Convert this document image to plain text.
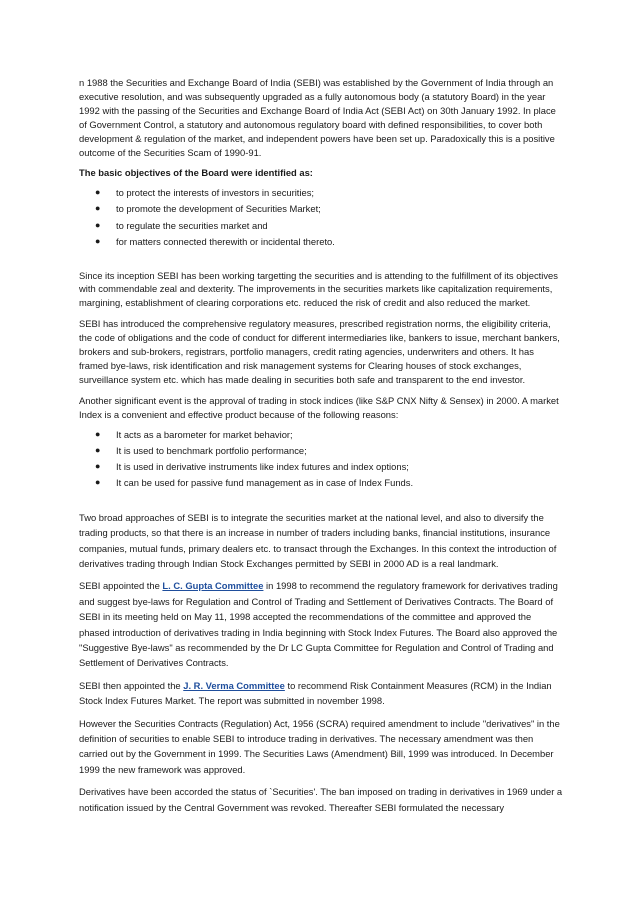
n 1988 the Securities and Exchange Board of India (SEBI) was established by the Government of India through an executive resolution, and was subsequently upgraded as a fully autonomous body (a statutory Board) in the year 1992 with the passing of the Securities and Exchange Board of India Act (SEBI Act) on 30th January 1992. In place of Government Control, a statutory and autonomous regulatory board with defined responsibilities, to cover both development & regulation of the market, and independent powers have been set up. Paradoxically this is a positive outcome of the Securities Scam of 1990-91.

The basic objectives of the Board were identified as:

● to protect the interests of investors in securities;
● to promote the development of Securities Market;
● to regulate the securities market and
● for matters connected therewith or incidental thereto.

Since its inception SEBI has been working targetting the securities and is attending to the fulfillment of its objectives with commendable zeal and dexterity. The improvements in the securities markets like capitalization requirements, margining, establishment of clearing corporations etc. reduced the risk of credit and also reduced the market.

SEBI has introduced the comprehensive regulatory measures, prescribed registration norms, the eligibility criteria, the code of obligations and the code of conduct for different intermediaries like, bankers to issue, merchant bankers, brokers and sub-brokers, registrars, portfolio managers, credit rating agencies, underwriters and others. It has framed bye-laws, risk identification and risk management systems for Clearing houses of stock exchanges, surveillance system etc. which has made dealing in securities both safe and transparent to the end investor.

Another significant event is the approval of trading in stock indices (like S&P CNX Nifty & Sensex) in 2000. A market Index is a convenient and effective product because of the following reasons:

● It acts as a barometer for market behavior;
● It is used to benchmark portfolio performance;
● It is used in derivative instruments like index futures and index options;
● It can be used for passive fund management as in case of Index Funds.

Two broad approaches of SEBI is to integrate the securities market at the national level, and also to diversify the trading products, so that there is an increase in number of traders including banks, financial institutions, insurance companies, mutual funds, primary dealers etc. to transact through the Exchanges. In this context the introduction of derivatives trading through Indian Stock Exchanges permitted by SEBI in 2000 AD is a real landmark.

SEBI appointed the L. C. Gupta Committee in 1998 to recommend the regulatory framework for derivatives trading and suggest bye-laws for Regulation and Control of Trading and Settlement of Derivatives Contracts. The Board of SEBI in its meeting held on May 11, 1998 accepted the recommendations of the committee and approved the phased introduction of derivatives trading in India beginning with Stock Index Futures. The Board also approved the "Suggestive Bye-laws" as recommended by the Dr LC Gupta Committee for Regulation and Control of Trading and Settlement of Derivatives Contracts.

SEBI then appointed the J. R. Verma Committee to recommend Risk Containment Measures (RCM) in the Indian Stock Index Futures Market. The report was submitted in november 1998.

However the Securities Contracts (Regulation) Act, 1956 (SCRA) required amendment to include "derivatives" in the definition of securities to enable SEBI to introduce trading in derivatives. The necessary amendment was then carried out by the Government in 1999. The Securities Laws (Amendment) Bill, 1999 was introduced. In December 1999 the new framework was approved.

Derivatives have been accorded the status of `Securities'. The ban imposed on trading in derivatives in 1969 under a notification issued by the Central Government was revoked. Thereafter SEBI formulated the necessary
